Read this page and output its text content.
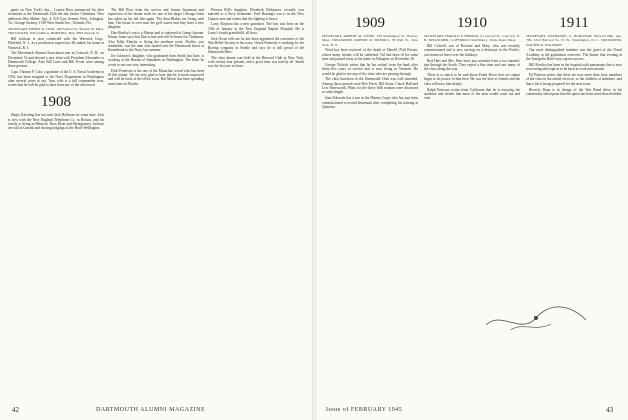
gents on New York's day.... Lonnie Ross announced his after seventeen at the Dartmouth Club the day before Christmas. New addresses Ben Maher, Apt. 4, 518 Cass Avenue West, Arlington, Va.; George Swaney, 1539 West Smith Ave., Orlando, Fla.

SECRETARY, HENRY K. LINK, 140 Federal St., Boston 10, Mass. TREASURER, WILLARD A. HORNING, Bud, 3803 Newton St.

Bill Jackson is now connected with the Warwick Corp., Pittsfield, N. J., as a production supervisor. He makes his home in Warwick, R. I.

The Merrimack Alumni Association met in Concord, N. H., on December 16 and elected a new slate with President Alexander to Dartmouth College. Also Bill Lurie and Bill Foster were among those present.

Capt. Thomas F. Cato, a graduate of the U. S. Naval Academy in 1933, has been assigned to the Navy Department in Washington after several years at sea. Tom, who is a full commander now, writes that he will be glad to hear from any of the old crowd.

1908

Harpo Katching has not seen Jack Hoffman for some time. Jack is now with the New England Telephone Co. in Boston, and his family is living in Belmont. Ross Ryan and Montgomery Jackson are still in Canada and sharing lodgings at the Hotel Wellington.

The Bill Ross from the service and former lieutenant and supervisor of the heater work for one of the larger Chicago firms has taken up his old line again. The Stan Blakes are living with him. The house is over near the golf course and they have a new daughter.

Dan Hooley's son is a Marine and is stationed at Camp Lejeune. Kenny Jones says that Dan is fine and will be home for Christmas. Also Eddy Elmslie is flying the northern route. Hooley, you remember, was the man who turned over the Dartmouth house at Kennebunk to the Navy last summer.

Joe Johnson's daughter, who graduated from Smith last June, is working at the Bureau of Standards in Washington. The letter he wrote to me was very interesting.

Dick Patterson is the one of the Montclair crowd who has been ill this winter. We are very glad to hear that he is much improved and will be back at the office soon. Hal Morse has been spending some time in Florida.

Pierson Bill's daughter, Elizabeth Dickinson, recently was married to a Navy lieutenant. Fred Bunting's son is in the New Guinea area and writes that the fighting is heavy.

Larry Boynton has a new grandson. The boy was born on the 10th of January at the New England Baptist Hospital. He is Larry's fourth grandchild, all boys.

Jack Owen tells me he has been appointed the executive of the War Relief Society in his town. Chuck Kennedy is working for the Boeing company in Seattle and says he is still proud of the Dartmouth Bees.

The class dinner was held at the Harvard Club in New York, with twenty-four present, and a good time was had by all. Smith was the last one to leave.

DARTMOUTH ALUMNI MAGAZINE
42
1909

SECRETARY, ROBERT M. STONE, 336 Washington St., Boston, Mass. TREASURER, ROBERT R. NICHOLS, 56 Wall St., New York, N. Y.

Word has been received of the death of Harold (Val) Brown, whose many friends will be saddened. Val had been ill for some time and passed away at his home in Arlington on December 28.

George Nichols writes that he has retired from the bank after thirty-five years of service and is now living in Vermont. He would be glad to see any of the class who are passing through.

The class luncheon at the Dartmouth Club was well attended. Among those present were Pete Ferris, Bill Stone, Chuck Hall and Lew Farnsworth. Plans for the thirty-fifth reunion were discussed at some length.

Sam Edwards has a son in the Marine Corps who has just been commissioned a second lieutenant after completing his training at Quantico.

1910

SECRETARY, HAROLD P. HINMAN, 6 Concord St., Concord, N. H. TREASURER, CLIFFORD P. RANDALL, Yarde Road, Mass.

Bill Colwell, son of Rossiter and Mary, who was recently commissioned and is now serving on a destroyer in the Pacific, was home on leave over the holidays.

Rod Hart and Mrs. Hart have just returned from a two months' trip through the South. They report a fine time and saw many of the class along the way.

There is so much to be said about Frank Howe that we cannot begin to do justice to him here. He was the best of friends and the class will miss him deeply.

Ralph Peterson writes from California that he is enjoying the sunshine and wishes that more of the men would come out and visit.

1911

SECRETARY, NATHANIEL G. BURLEIGH, Harvard Hall, Apt. 709, 2312 Harvard St., N. W., Washington, D. C. TREASURER, WALTER R. WALDRON

Our most distinguished member was the guest of the Naval Academy at the graduation exercises. The dinner that evening at the Annapolis Hotel was a great success.

Bill Rowley has been in the hospital with pneumonia but is now recovering and expects to be back at work next month.

Ed Pearson writes that there are now more than forty members of the class in the armed services, or the children of members, and that a list is being prepared for the next issue.

Beverly Dana is in charge of the War Bond drive in his community and reports that the quota has been more than doubled.

Issue of FEBRUARY 1945	43
